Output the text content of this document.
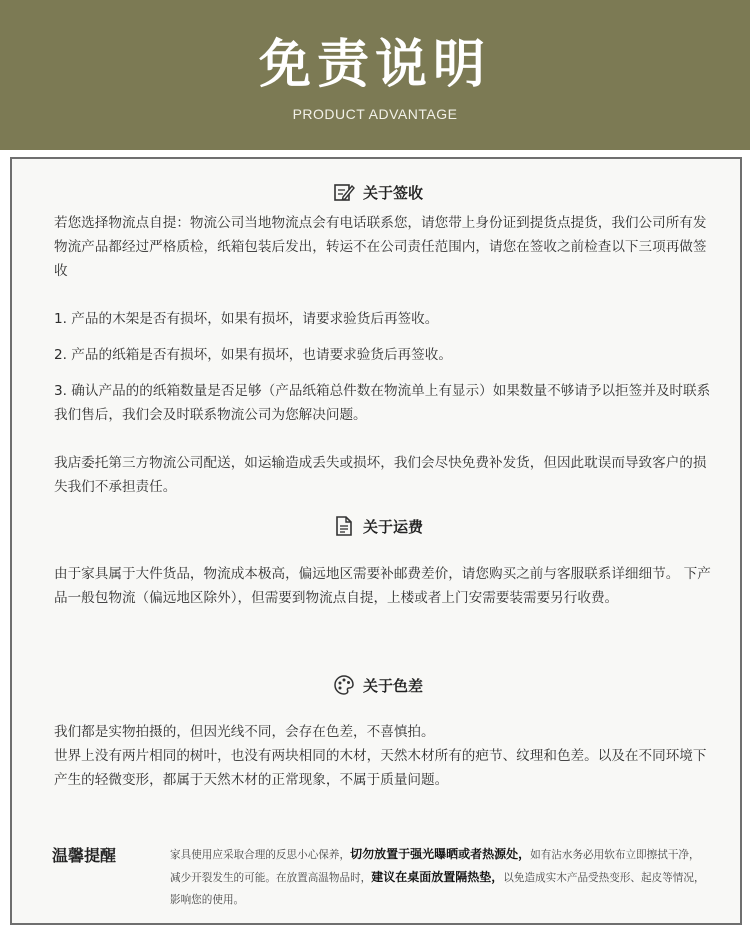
免责说明
PRODUCT ADVANTAGE
关于签收
若您选择物流点自提：物流公司当地物流点会有电话联系您，请您带上身份证到提货点提货，我们公司所有发物流产品都经过严格质检，纸箱包装后发出，转运不在公司责任范围内，请您在签收之前检查以下三项再做签收
1. 产品的木架是否有损坏，如果有损坏，请要求验货后再签收。
2. 产品的纸箱是否有损坏，如果有损坏，也请要求验货后再签收。
3. 确认产品的的纸箱数量是否足够（产品纸箱总件数在物流单上有显示）如果数量不够请予以拒签并及时联系我们售后，我们会及时联系物流公司为您解决问题。
我店委托第三方物流公司配送，如运输造成丢失或损坏，我们会尽快免费补发货，但因此耽误而导致客户的损失我们不承担责任。
关于运费
由于家具属于大件货品，物流成本极高，偏远地区需要补邮费差价，请您购买之前与客服联系详细细节。 下产品一般包物流（偏远地区除外），但需要到物流点自提，上楼或者上门安需要装需要另行收费。
关于色差
我们都是实物拍摄的，但因光线不同，会存在色差，不喜慎拍。
世界上没有两片相同的树叶，也没有两块相同的木材，天然木材所有的疤节、纹理和色差。以及在不同环境下产生的轻微变形，都属于天然木材的正常现象，不属于质量问题。
温馨提醒	家具使用应采取合理的反思小心保养，切勿放置于强光曝晒或者热源处，如有沾水务必用软布立即擦拭干净，减少开裂发生的可能。在放置高温物品时，建议在桌面放置隔热垫，以免造成实木产品受热变形、起皮等情况，影响您的使用。
